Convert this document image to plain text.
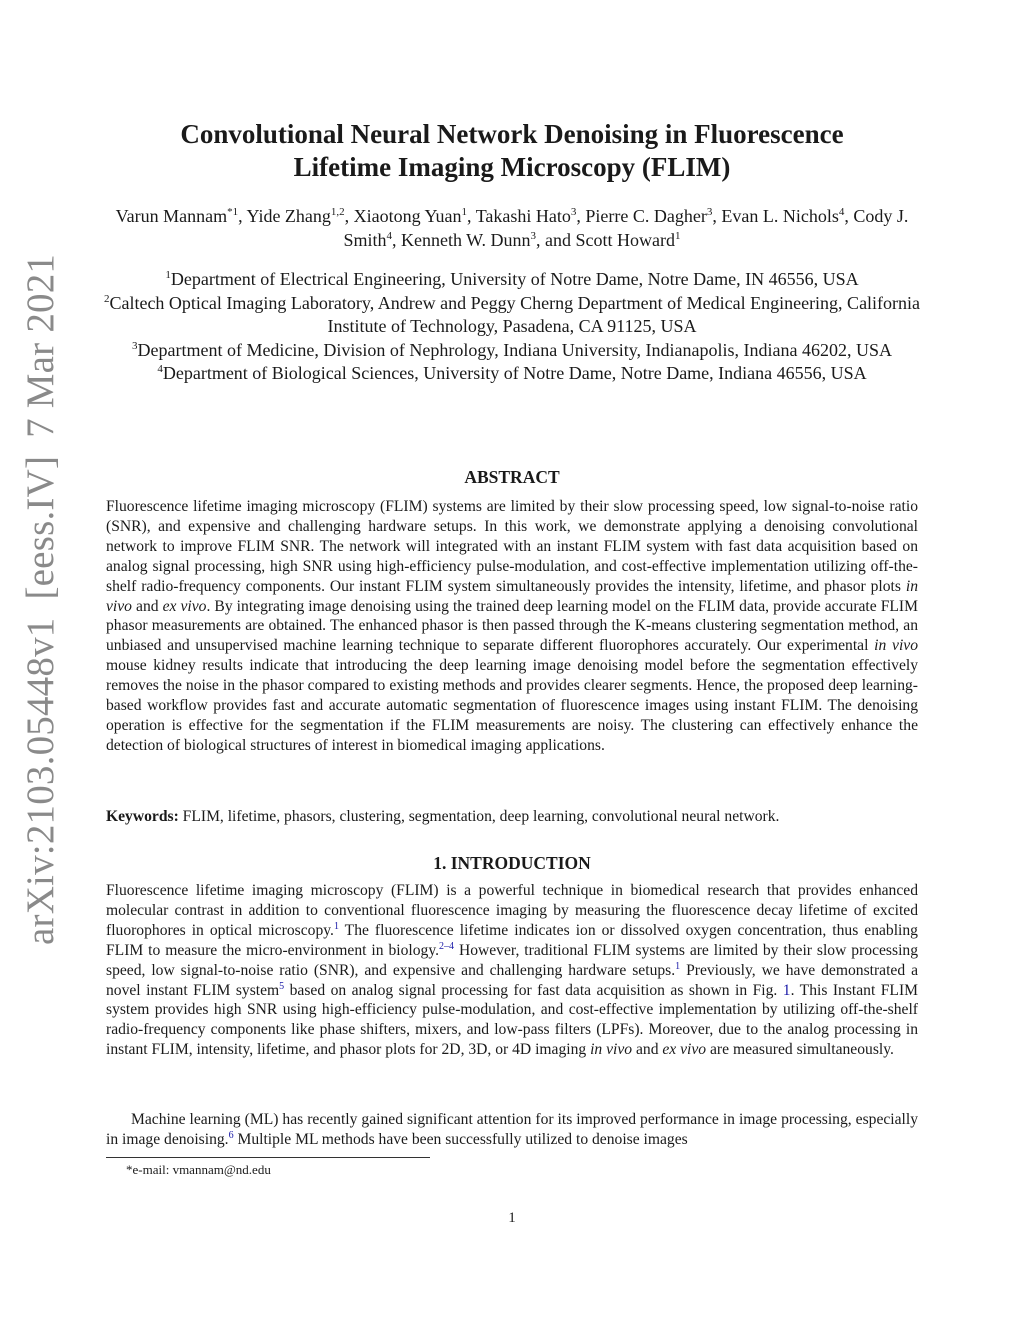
arXiv:2103.05448v1[eess.IV]7 Mar 2021
Convolutional Neural Network Denoising in Fluorescence
Lifetime Imaging Microscopy (FLIM)
Varun Mannam$^{*1}$, Yide Zhang$^{1,2}$, Xiaotong Yuan$^1$, Takashi Hato$^3$, Pierre C. Dagher$^3$, Evan L. Nichols$^4$, Cody J. Smith$^4$, Kenneth W. Dunn$^3$, and Scott Howard$^1$
$^1$Department of Electrical Engineering, University of Notre Dame, Notre Dame, IN 46556, USA
$^2$Caltech Optical Imaging Laboratory, Andrew and Peggy Cherng Department of Medical Engineering, California Institute of Technology, Pasadena, CA 91125, USA
$^3$Department of Medicine, Division of Nephrology, Indiana University, Indianapolis, Indiana 46202, USA
$^4$Department of Biological Sciences, University of Notre Dame, Notre Dame, Indiana 46556, USA
ABSTRACT

Fluorescence lifetime imaging microscopy (FLIM) systems are limited by their slow processing speed, low signal-to-noise ratio (SNR), and expensive and challenging hardware setups. In this work, we demonstrate applying a denoising convolutional network to improve FLIM SNR. The network will integrated with an instant FLIM system with fast data acquisition based on analog signal processing, high SNR using high-efficiency pulse-modulation, and cost-effective implementation utilizing off-the-shelf radio-frequency components. Our instant FLIM system simultaneously provides the intensity, lifetime, and phasor plots in vivo and ex vivo. By integrating image denoising using the trained deep learning model on the FLIM data, provide accurate FLIM phasor measurements are obtained. The enhanced phasor is then passed through the K-means clustering segmentation method, an unbiased and unsupervised machine learning technique to separate different fluorophores accurately. Our experimental in vivo mouse kidney results indicate that introducing the deep learning image denoising model before the segmentation effectively removes the noise in the phasor compared to existing methods and provides clearer segments. Hence, the proposed deep learning-based workflow provides fast and accurate automatic segmentation of fluorescence images using instant FLIM. The denoising operation is effective for the segmentation if the FLIM measurements are noisy. The clustering can effectively enhance the detection of biological structures of interest in biomedical imaging applications.

Keywords: FLIM, lifetime, phasors, clustering, segmentation, deep learning, convolutional neural network.

1. INTRODUCTION

Fluorescence lifetime imaging microscopy (FLIM) is a powerful technique in biomedical research that provides enhanced molecular contrast in addition to conventional fluorescence imaging by measuring the fluorescence decay lifetime of excited fluorophores in optical microscopy.$^1$ The fluorescence lifetime indicates ion or dissolved oxygen concentration, thus enabling FLIM to measure the micro-environment in biology.$^{2-4}$ However, traditional FLIM systems are limited by their slow processing speed, low signal-to-noise ratio (SNR), and expensive and challenging hardware setups.$^1$ Previously, we have demonstrated a novel instant FLIM system$^5$ based on analog signal processing for fast data acquisition as shown in Fig. 1. This Instant FLIM system provides high SNR using high-efficiency pulse-modulation, and cost-effective implementation by utilizing off-the-shelf radio-frequency components like phase shifters, mixers, and low-pass filters (LPFs). Moreover, due to the analog processing in instant FLIM, intensity, lifetime, and phasor plots for 2D, 3D, or 4D imaging in vivo and ex vivo are measured simultaneously.

Machine learning (ML) has recently gained significant attention for its improved performance in image processing, especially in image denoising.$^6$ Multiple ML methods have been successfully utilized to denoise images

*e-mail: vmannam@nd.edu
1
